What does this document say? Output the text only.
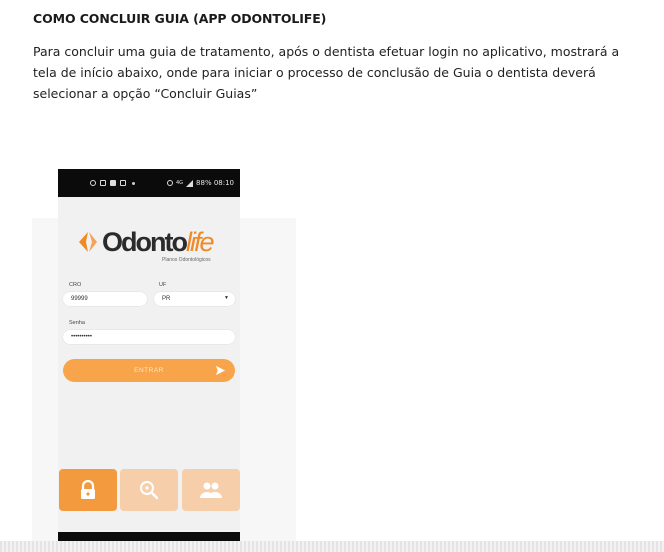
COMO CONCLUIR GUIA (APP ODONTOLIFE)
Para concluir uma guia de tratamento, após o dentista efetuar login no aplicativo, mostrará a tela de início abaixo, onde para iniciar o processo de conclusão de Guia o dentista deverá selecionar a opção “Concluir Guias”
4G 88% 08:10
Odontolife
Planos Odontológicos
CRO
99999
UF
PR	▼
Senha
••••••••••
ENTRAR
